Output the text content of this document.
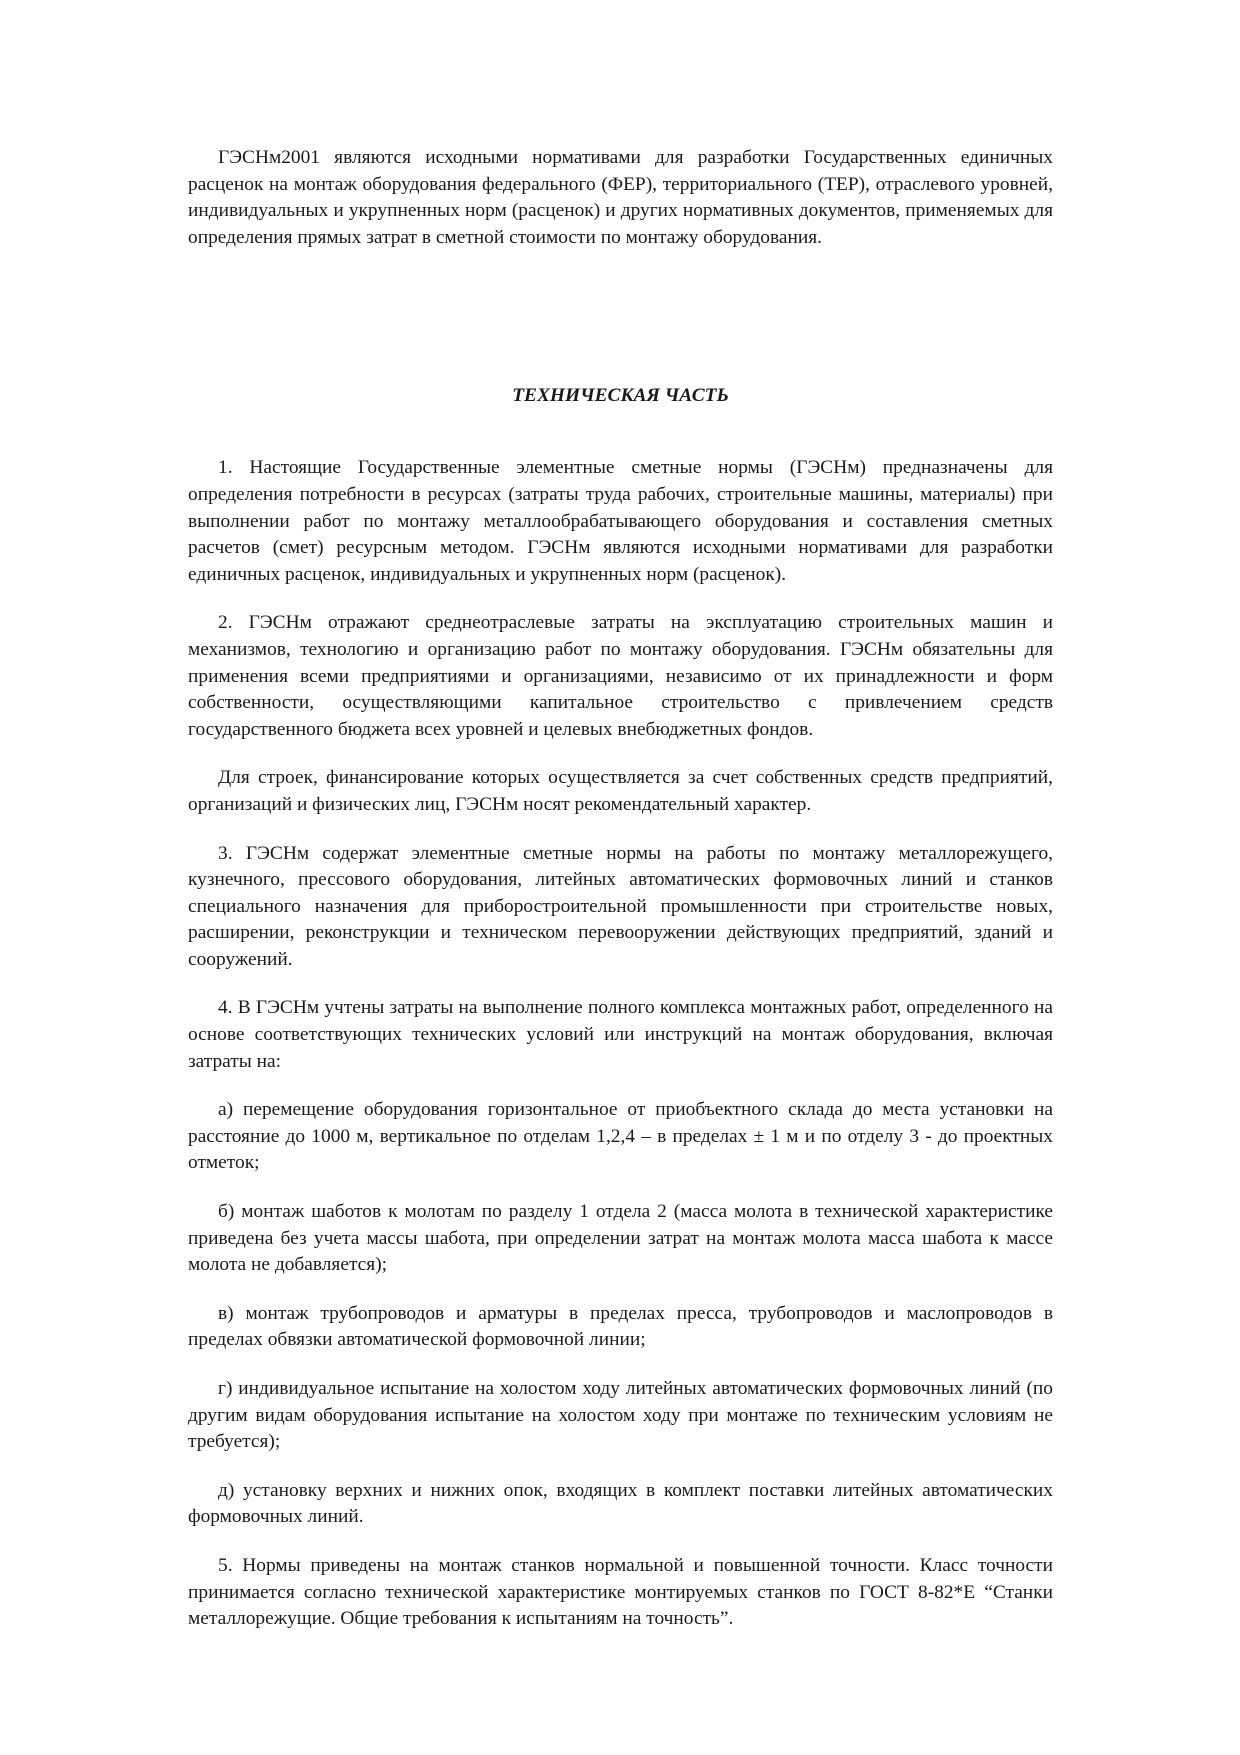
ГЭСНм2001 являются исходными нормативами для разработки Государственных единичных расценок на монтаж оборудования федерального (ФЕР), территориального (ТЕР), отраслевого уровней, индивидуальных и укрупненных норм (расценок) и других нормативных документов, применяемых для определения прямых затрат в сметной стоимости по монтажу оборудования.

ТЕХНИЧЕСКАЯ ЧАСТЬ

1. Настоящие Государственные элементные сметные нормы (ГЭСНм) предназначены для определения потребности в ресурсах (затраты труда рабочих, строительные машины, материалы) при выполнении работ по монтажу металлообрабатывающего оборудования и составления сметных расчетов (смет) ресурсным методом. ГЭСНм являются исходными нормативами для разработки единичных расценок, индивидуальных и укрупненных норм (расценок).

2. ГЭСНм отражают среднеотраслевые затраты на эксплуатацию строительных машин и механизмов, технологию и организацию работ по монтажу оборудования. ГЭСНм обязательны для применения всеми предприятиями и организациями, независимо от их принадлежности и форм собственности, осуществляющими капитальное строительство с привлечением средств государственного бюджета всех уровней и целевых внебюджетных фондов.

Для строек, финансирование которых осуществляется за счет собственных средств предприятий, организаций и физических лиц, ГЭСНм носят рекомендательный характер.

3. ГЭСНм содержат элементные сметные нормы на работы по монтажу металлорежущего, кузнечного, прессового оборудования, литейных автоматических формовочных линий и станков специального назначения для приборостроительной промышленности при строительстве новых, расширении, реконструкции и техническом перевооружении действующих предприятий, зданий и сооружений.

4. В ГЭСНм учтены затраты на выполнение полного комплекса монтажных работ, определенного на основе соответствующих технических условий или инструкций на монтаж оборудования, включая затраты на:

а) перемещение оборудования горизонтальное от приобъектного склада до места установки на расстояние до 1000 м, вертикальное по отделам 1,2,4 – в пределах ± 1 м и по отделу 3 - до проектных отметок;

б) монтаж шаботов к молотам по разделу 1 отдела 2 (масса молота в технической характеристике приведена без учета массы шабота, при определении затрат на монтаж молота масса шабота к массе молота не добавляется);

в) монтаж трубопроводов и арматуры в пределах пресса, трубопроводов и маслопроводов в пределах обвязки автоматической формовочной линии;

г) индивидуальное испытание на холостом ходу литейных автоматических формовочных линий (по другим видам оборудования испытание на холостом ходу при монтаже по техническим условиям не требуется);

д) установку верхних и нижних опок, входящих в комплект поставки литейных автоматических формовочных линий.

5. Нормы приведены на монтаж станков нормальной и повышенной точности. Класс точности принимается согласно технической характеристике монтируемых станков по ГОСТ 8-82*Е “Станки металлорежущие. Общие требования к испытаниям на точность”.
